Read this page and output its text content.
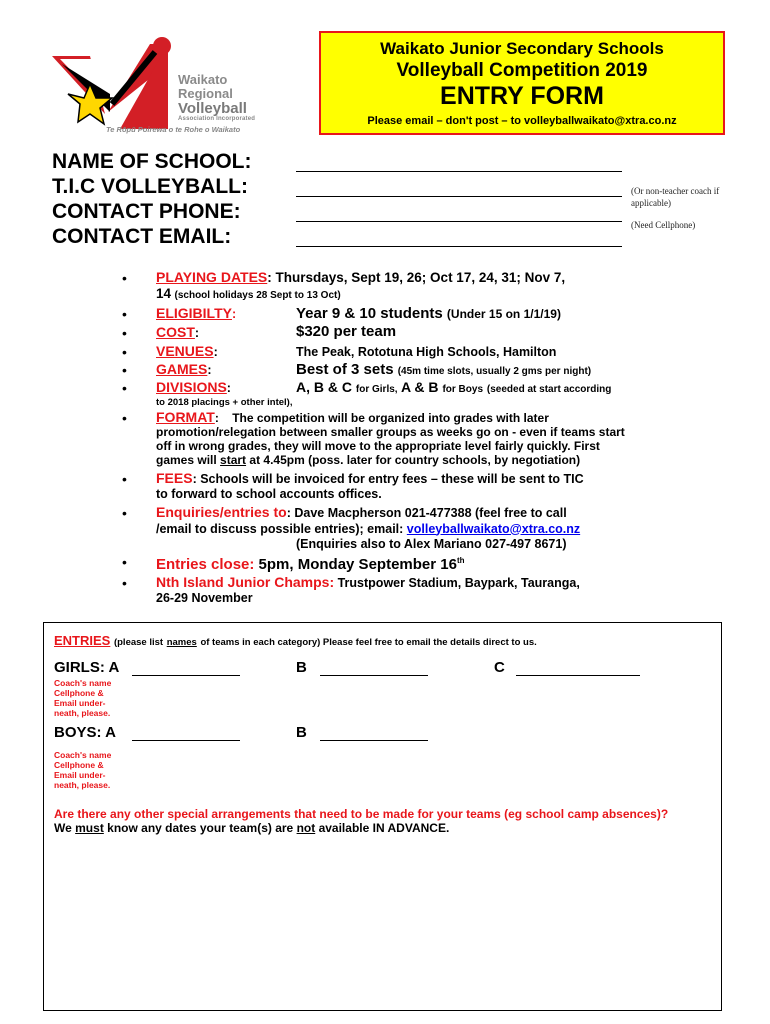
Waikato
Regional
Volleyball
Association Incorporated
Te Rōpū Poirewa o te Rohe o Waikato
Waikato Junior Secondary Schools
Volleyball Competition 2019
ENTRY FORM
Please email – don't post – to volleyballwaikato@xtra.co.nz
NAME OF SCHOOL:
T.I.C VOLLEYBALL:	(Or non-teacher coach if applicable)
CONTACT PHONE:
(Need Cellphone)
CONTACT EMAIL:
• PLAYING DATES: Thursdays, Sept 19, 26; Oct 17, 24, 31; Nov 7,
14 (school holidays 28 Sept to 13 Oct)
• ELIGIBILTY:	Year 9 & 10 students (Under 15 on 1/1/19)
• COST:	$320 per team
• VENUES:	The Peak, Rototuna High Schools, Hamilton
• GAMES:	Best of 3 sets (45m time slots, usually 2 gms per night)
• DIVISIONS:	A, B & C for Girls, A & B for Boys (seeded at start according
to 2018 placings + other intel),
• FORMAT:    The competition will be organized into grades with later
promotion/relegation between smaller groups as weeks go on - even if teams start
off in wrong grades, they will move to the appropriate level fairly quickly. First
games will start at 4.45pm (poss. later for country schools, by negotiation)
• FEES: Schools will be invoiced for entry fees – these will be sent to TIC
to forward to school accounts offices.
• Enquiries/entries to: Dave Macpherson 021-477388 (feel free to call
/email to discuss possible entries); email: volleyballwaikato@xtra.co.nz
(Enquiries also to Alex Mariano 027-497 8671)
• Entries close: 5pm, Monday September 16th
• Nth Island Junior Champs: Trustpower Stadium, Baypark, Tauranga,
26-29 November
ENTRIES (please list names of teams in each category) Please feel free to email the details direct to us.
GIRLS: A	B	C
Coach's name
Cellphone &
Email under-
neath, please.
BOYS: A	B
Coach's name
Cellphone &
Email under-
neath, please.
Are there any other special arrangements that need to be made for your teams (eg school camp absences)? We must know any dates your team(s) are not available IN ADVANCE.
